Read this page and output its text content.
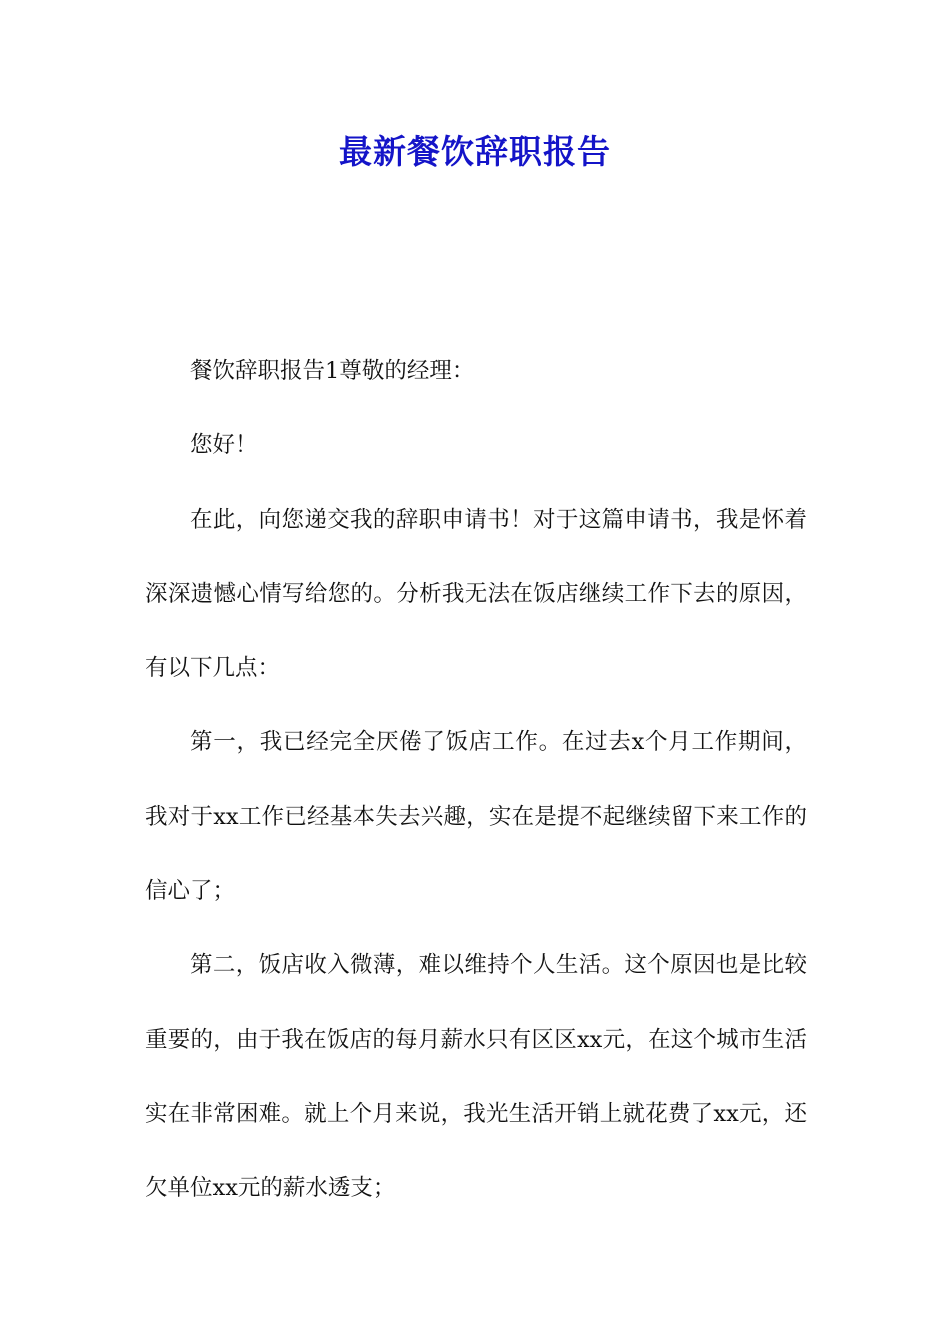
最新餐饮辞职报告

餐饮辞职报告1尊敬的经理：

您好！

在此，向您递交我的辞职申请书！对于这篇申请书，我是怀着深深遗憾心情写给您的。分析我无法在饭店继续工作下去的原因，有以下几点：

第一，我已经完全厌倦了饭店工作。在过去x个月工作期间，我对于xx工作已经基本失去兴趣，实在是提不起继续留下来工作的信心了；

第二，饭店收入微薄，难以维持个人生活。这个原因也是比较重要的，由于我在饭店的每月薪水只有区区xx元，在这个城市生活实在非常困难。就上个月来说，我光生活开销上就花费了xx元，还欠单位xx元的薪水透支；
